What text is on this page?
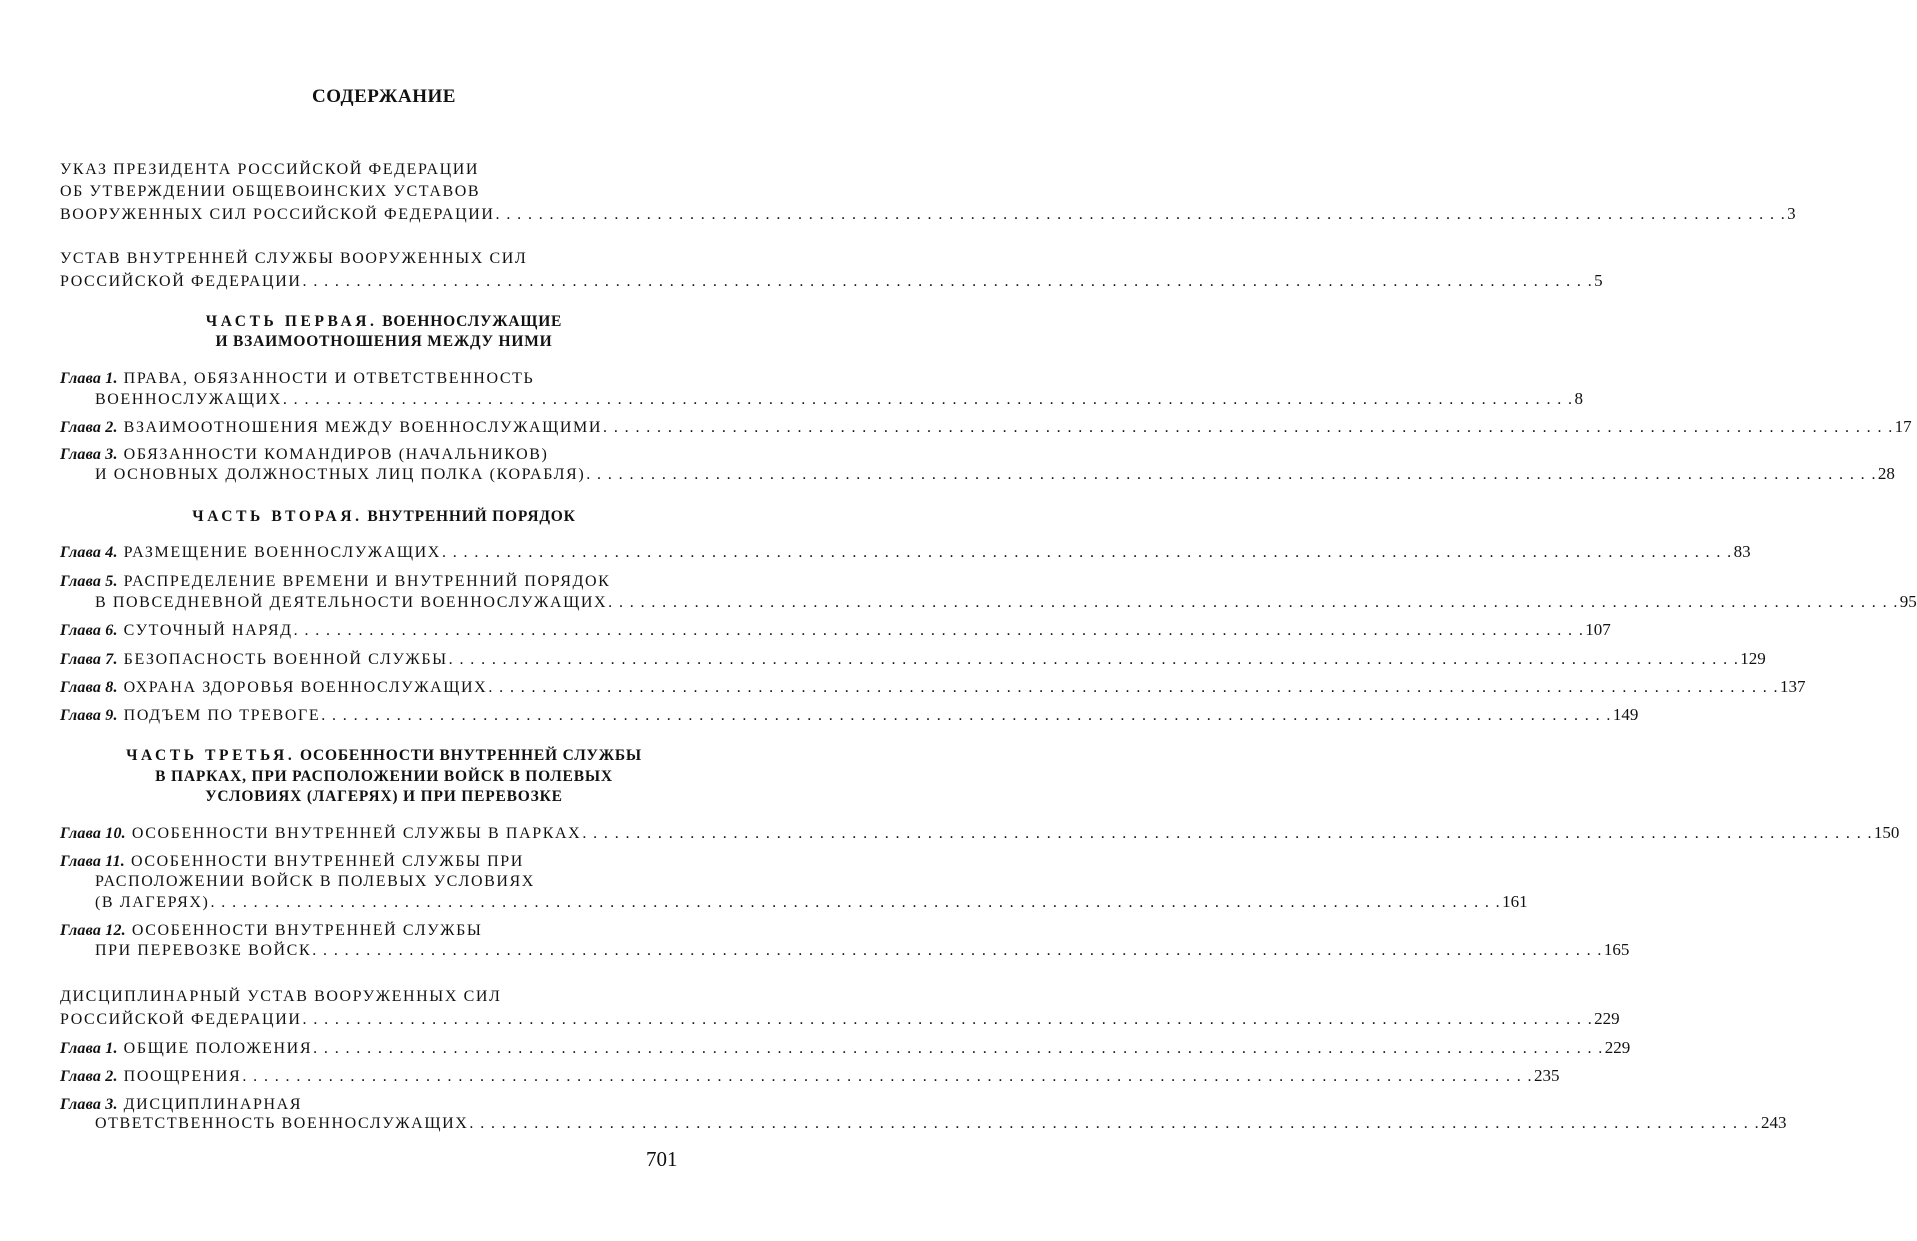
СОДЕРЖАНИЕ
УКАЗ ПРЕЗИДЕНТА РОССИЙСКОЙ ФЕДЕРАЦИИ
ОБ УТВЕРЖДЕНИИ ОБЩЕВОИНСКИХ УСТАВОВ
ВООРУЖЕННЫХ СИЛ РОССИЙСКОЙ ФЕДЕРАЦИИ . . . . . . . . . . . . . . . . . . . . . . . . . . . . . . . . . . . . . . . . . . . . . . . . . . . . . . . . . . . . . . . . . . . . . . . . . . . . . . . . . . . . . . . . . . . . . . . . . . . . . . . . . . . . . . . . . . . . . . . . 3
УСТАВ ВНУТРЕННЕЙ СЛУЖБЫ ВООРУЖЕННЫХ СИЛ
РОССИЙСКОЙ ФЕДЕРАЦИИ . . . . . . . . . . . . . . . . . . . . . . . . . . . . . . . . . . . . . . . . . . . . . . . . . . . . . . . . . . . . . . . . . . . . . . . . . . . . . . . . . . . . . . . . . . . . . . . . . . . . . . . . . . . . . . . . . . . . . . . . 5
ЧАСТЬ ПЕРВАЯ. ВОЕННОСЛУЖАЩИЕ
И ВЗАИМООТНОШЕНИЯ МЕЖДУ НИМИ
Глава 1. ПРАВА, ОБЯЗАННОСТИ И ОТВЕТСТВЕННОСТЬ
ВОЕННОСЛУЖАЩИХ . . . . . . . . . . . . . . . . . . . . . . . . . . . . . . . . . . . . . . . . . . . . . . . . . . . . . . . . . . . . . . . . . . . . . . . . . . . . . . . . . . . . . . . . . . . . . . . . . . . . . . . . . . . . . . . . . . . . . . . . 8
Глава 2. ВЗАИМООТНОШЕНИЯ МЕЖДУ ВОЕННОСЛУЖАЩИМИ . . . . . . . . . . . . . . . . . . . . . . . . . . . . . . . . . . . . . . . . . . . . . . . . . . . . . . . . . . . . . . . . . . . . . . . . . . . . . . . . . . . . . . . . . . . . . . . . . . . . . . . . . . . . . . . . . . . . . . . . 17
Глава 3. ОБЯЗАННОСТИ КОМАНДИРОВ (НАЧАЛЬНИКОВ)
И ОСНОВНЫХ ДОЛЖНОСТНЫХ ЛИЦ ПОЛКА (КОРАБЛЯ) . . . . . . . . . . . . . . . . . . . . . . . . . . . . . . . . . . . . . . . . . . . . . . . . . . . . . . . . . . . . . . . . . . . . . . . . . . . . . . . . . . . . . . . . . . . . . . . . . . . . . . . . . . . . . . . . . . . . . . . . 28
ЧАСТЬ ВТОРАЯ. ВНУТРЕННИЙ ПОРЯДОК
Глава 4. РАЗМЕЩЕНИЕ ВОЕННОСЛУЖАЩИХ . . . . . . . . . . . . . . . . . . . . . . . . . . . . . . . . . . . . . . . . . . . . . . . . . . . . . . . . . . . . . . . . . . . . . . . . . . . . . . . . . . . . . . . . . . . . . . . . . . . . . . . . . . . . . . . . . . . . . . . . 83
Глава 5. РАСПРЕДЕЛЕНИЕ ВРЕМЕНИ И ВНУТРЕННИЙ ПОРЯДОК
В ПОВСЕДНЕВНОЙ ДЕЯТЕЛЬНОСТИ ВОЕННОСЛУЖАЩИХ . . . . . . . . . . . . . . . . . . . . . . . . . . . . . . . . . . . . . . . . . . . . . . . . . . . . . . . . . . . . . . . . . . . . . . . . . . . . . . . . . . . . . . . . . . . . . . . . . . . . . . . . . . . . . . . . . . . . . . . . 95
Глава 6. СУТОЧНЫЙ НАРЯД . . . . . . . . . . . . . . . . . . . . . . . . . . . . . . . . . . . . . . . . . . . . . . . . . . . . . . . . . . . . . . . . . . . . . . . . . . . . . . . . . . . . . . . . . . . . . . . . . . . . . . . . . . . . . . . . . . . . . . . . 107
Глава 7. БЕЗОПАСНОСТЬ ВОЕННОЙ СЛУЖБЫ . . . . . . . . . . . . . . . . . . . . . . . . . . . . . . . . . . . . . . . . . . . . . . . . . . . . . . . . . . . . . . . . . . . . . . . . . . . . . . . . . . . . . . . . . . . . . . . . . . . . . . . . . . . . . . . . . . . . . . . . 129
Глава 8. ОХРАНА ЗДОРОВЬЯ ВОЕННОСЛУЖАЩИХ . . . . . . . . . . . . . . . . . . . . . . . . . . . . . . . . . . . . . . . . . . . . . . . . . . . . . . . . . . . . . . . . . . . . . . . . . . . . . . . . . . . . . . . . . . . . . . . . . . . . . . . . . . . . . . . . . . . . . . . . 137
Глава 9. ПОДЪЕМ ПО ТРЕВОГЕ . . . . . . . . . . . . . . . . . . . . . . . . . . . . . . . . . . . . . . . . . . . . . . . . . . . . . . . . . . . . . . . . . . . . . . . . . . . . . . . . . . . . . . . . . . . . . . . . . . . . . . . . . . . . . . . . . . . . . . . . 149
ЧАСТЬ ТРЕТЬЯ. ОСОБЕННОСТИ ВНУТРЕННЕЙ СЛУЖБЫ
В ПАРКАХ, ПРИ РАСПОЛОЖЕНИИ ВОЙСК В ПОЛЕВЫХ
УСЛОВИЯХ (ЛАГЕРЯХ) И ПРИ ПЕРЕВОЗКЕ
Глава 10. ОСОБЕННОСТИ ВНУТРЕННЕЙ СЛУЖБЫ В ПАРКАХ . . . . . . . . . . . . . . . . . . . . . . . . . . . . . . . . . . . . . . . . . . . . . . . . . . . . . . . . . . . . . . . . . . . . . . . . . . . . . . . . . . . . . . . . . . . . . . . . . . . . . . . . . . . . . . . . . . . . . . . . 150
Глава 11. ОСОБЕННОСТИ ВНУТРЕННЕЙ СЛУЖБЫ ПРИ
РАСПОЛОЖЕНИИ ВОЙСК В ПОЛЕВЫХ УСЛОВИЯХ
(В ЛАГЕРЯХ) . . . . . . . . . . . . . . . . . . . . . . . . . . . . . . . . . . . . . . . . . . . . . . . . . . . . . . . . . . . . . . . . . . . . . . . . . . . . . . . . . . . . . . . . . . . . . . . . . . . . . . . . . . . . . . . . . . . . . . . . 161
Глава 12. ОСОБЕННОСТИ ВНУТРЕННЕЙ СЛУЖБЫ
ПРИ ПЕРЕВОЗКЕ ВОЙСК . . . . . . . . . . . . . . . . . . . . . . . . . . . . . . . . . . . . . . . . . . . . . . . . . . . . . . . . . . . . . . . . . . . . . . . . . . . . . . . . . . . . . . . . . . . . . . . . . . . . . . . . . . . . . . . . . . . . . . . . 165
ДИСЦИПЛИНАРНЫЙ УСТАВ ВООРУЖЕННЫХ СИЛ
РОССИЙСКОЙ ФЕДЕРАЦИИ . . . . . . . . . . . . . . . . . . . . . . . . . . . . . . . . . . . . . . . . . . . . . . . . . . . . . . . . . . . . . . . . . . . . . . . . . . . . . . . . . . . . . . . . . . . . . . . . . . . . . . . . . . . . . . . . . . . . . . . . 229
Глава 1. ОБЩИЕ ПОЛОЖЕНИЯ . . . . . . . . . . . . . . . . . . . . . . . . . . . . . . . . . . . . . . . . . . . . . . . . . . . . . . . . . . . . . . . . . . . . . . . . . . . . . . . . . . . . . . . . . . . . . . . . . . . . . . . . . . . . . . . . . . . . . . . . 229
Глава 2. ПООЩРЕНИЯ . . . . . . . . . . . . . . . . . . . . . . . . . . . . . . . . . . . . . . . . . . . . . . . . . . . . . . . . . . . . . . . . . . . . . . . . . . . . . . . . . . . . . . . . . . . . . . . . . . . . . . . . . . . . . . . . . . . . . . . . 235
Глава 3. ДИСЦИПЛИНАРНАЯ
ОТВЕТСТВЕННОСТЬ ВОЕННОСЛУЖАЩИХ . . . . . . . . . . . . . . . . . . . . . . . . . . . . . . . . . . . . . . . . . . . . . . . . . . . . . . . . . . . . . . . . . . . . . . . . . . . . . . . . . . . . . . . . . . . . . . . . . . . . . . . . . . . . . . . . . . . . . . . . 243
701
